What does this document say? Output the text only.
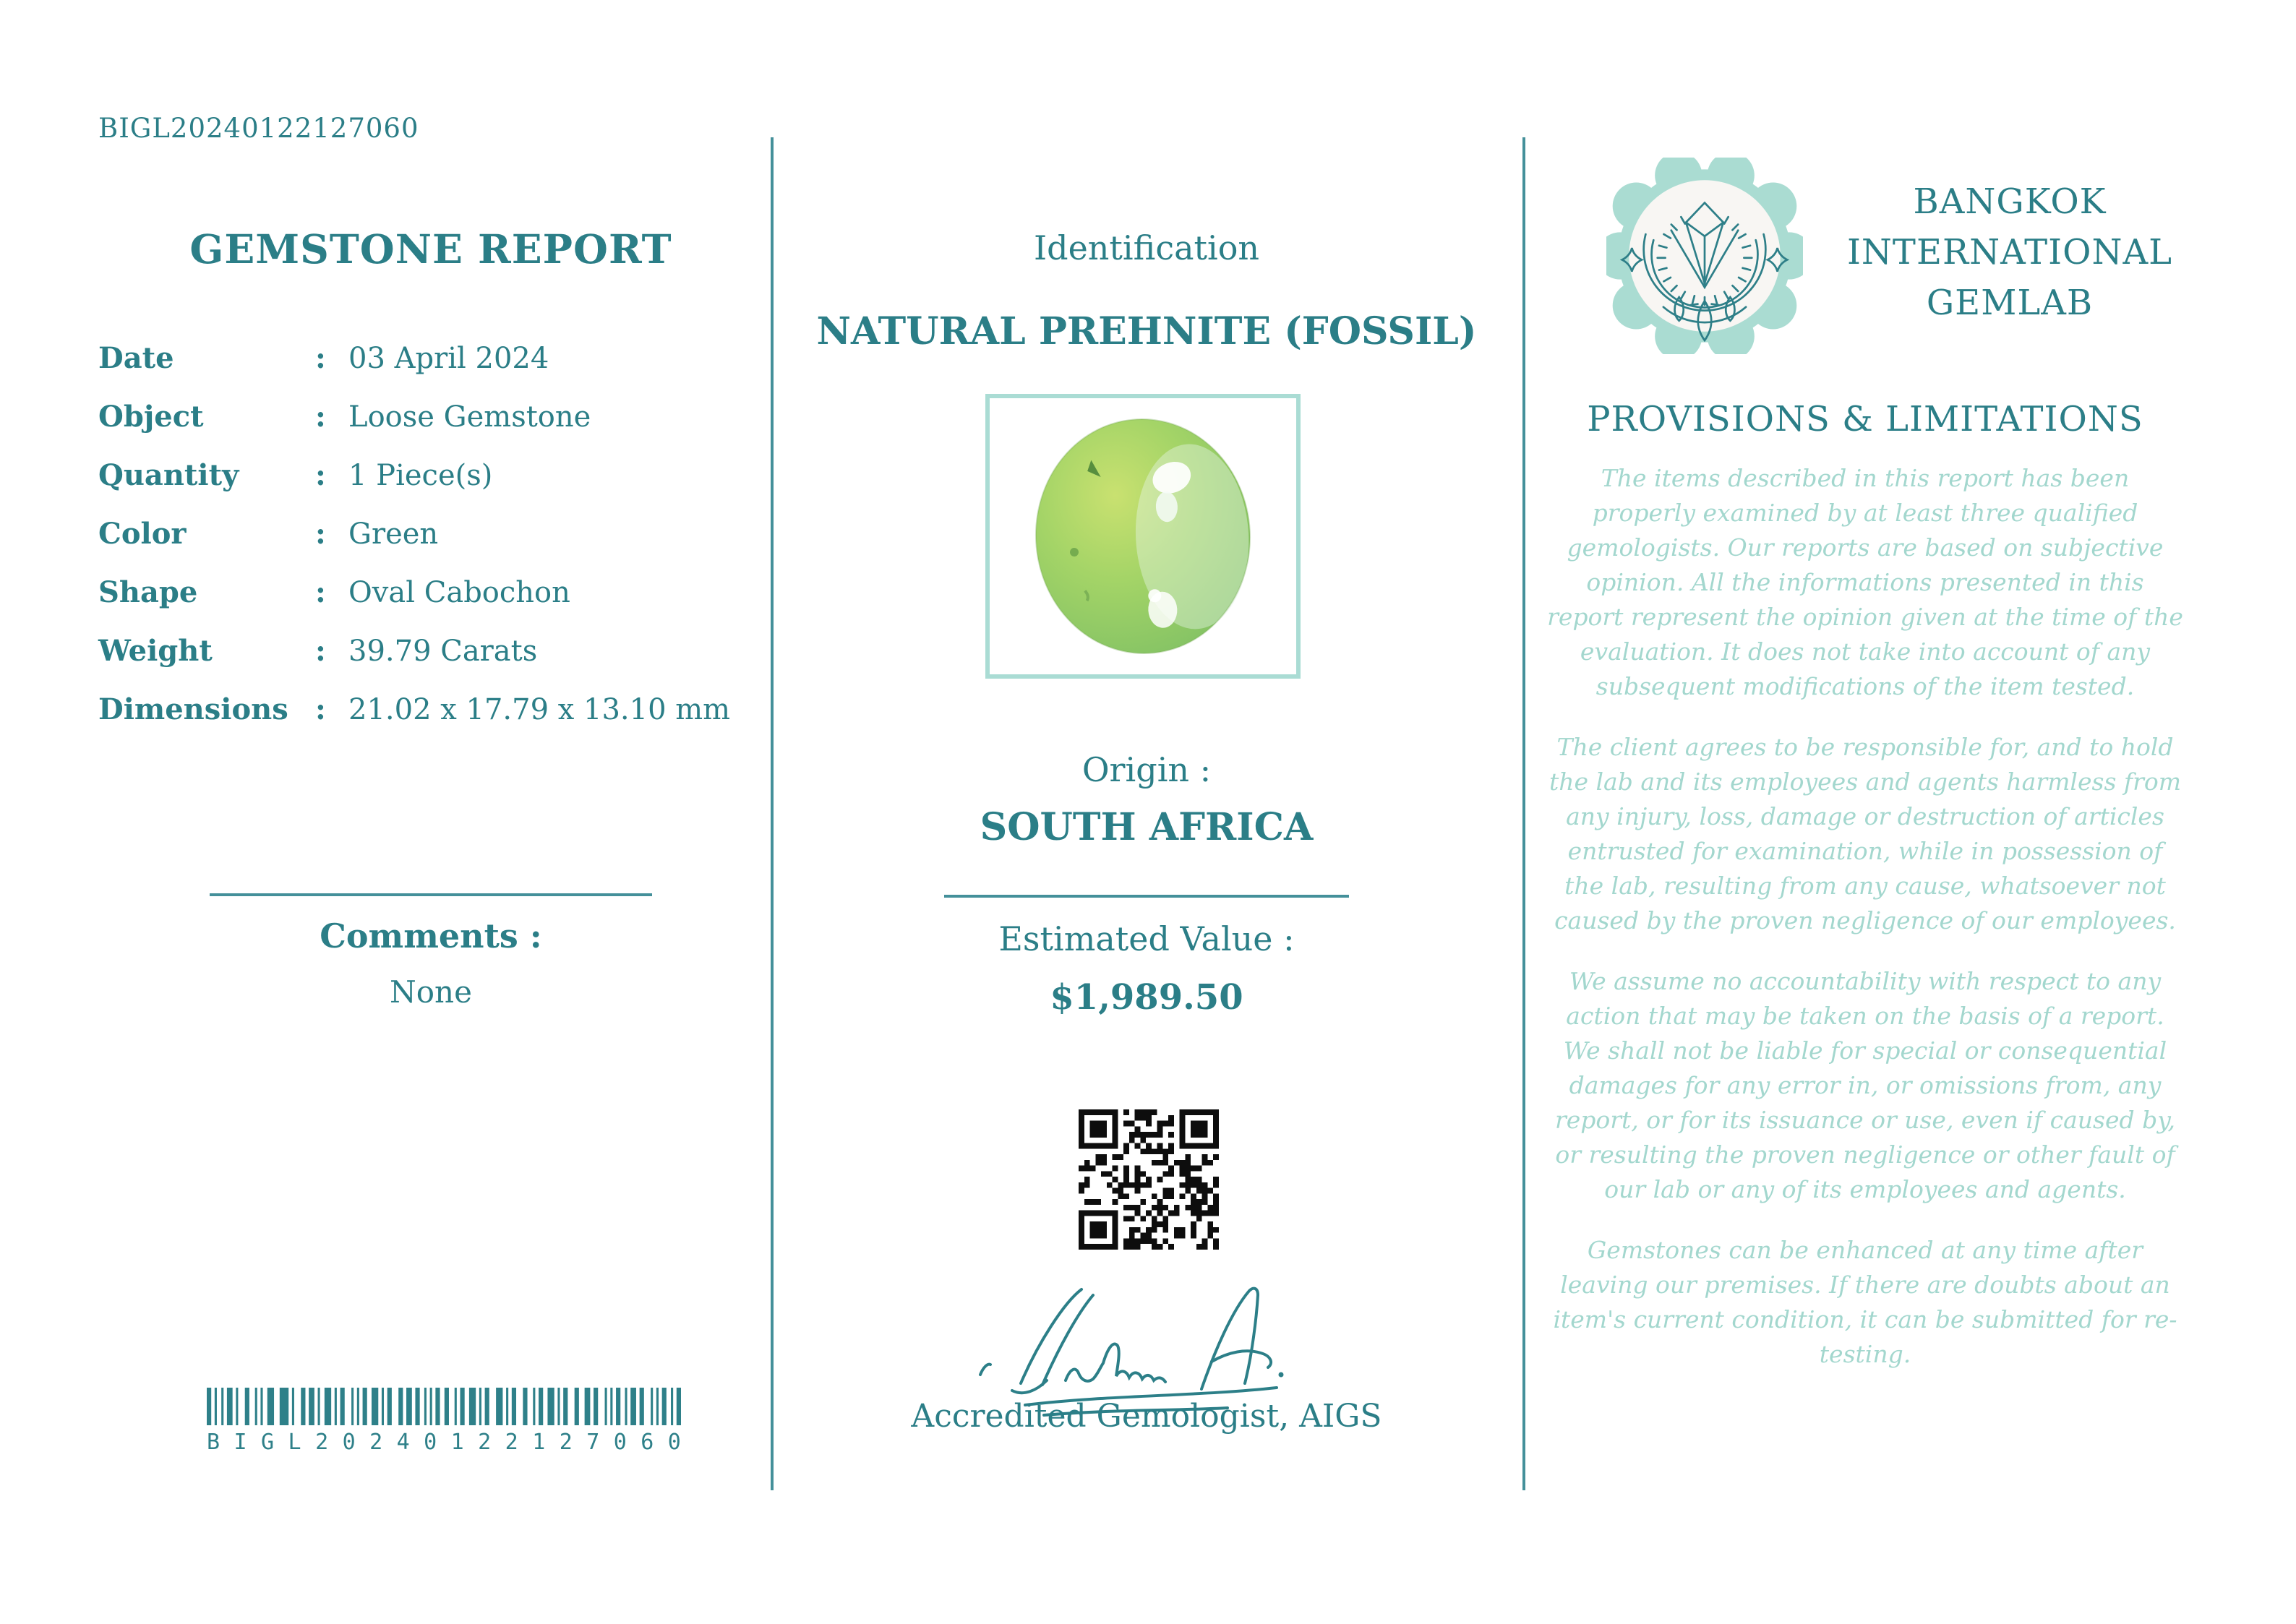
BIGL20240122127060
GEMSTONE REPORT
Date	: 03 April 2024
Object	: Loose Gemstone
Quantity	: 1 Piece(s)
Color	: Green
Shape	: Oval Cabochon
Weight	: 39.79 Carats
Dimensions : 21.02 x 17.79 x 13.10 mm
Comments :
None
B I G L 2 0 2 4 0 1 2 2 1 2 7 0 6 0
Identification
NATURAL PREHNITE (FOSSIL)
Origin :
SOUTH AFRICA
Estimated Value :
$1,989.50
Accredited Gemologist, AIGS
BANGKOK
INTERNATIONAL
GEMLAB
PROVISIONS & LIMITATIONS

The items described in this report has been properly examined by at least three qualified gemologists. Our reports are based on subjective opinion. All the informations presented in this report represent the opinion given at the time of the evaluation. It does not take into account of any subsequent modifications of the item tested.

The client agrees to be responsible for, and to hold the lab and its employees and agents harmless from any injury, loss, damage or destruction of articles entrusted for examination, while in possession of the lab, resulting from any cause, whatsoever not caused by the proven negligence of our employees.

We assume no accountability with respect to any action that may be taken on the basis of a report. We shall not be liable for special or consequential damages for any error in, or omissions from, any report, or for its issuance or use, even if caused by, or resulting the proven negligence or other fault of our lab or any of its employees and agents.

Gemstones can be enhanced at any time after leaving our premises. If there are doubts about an item's current condition, it can be submitted for re-testing.
